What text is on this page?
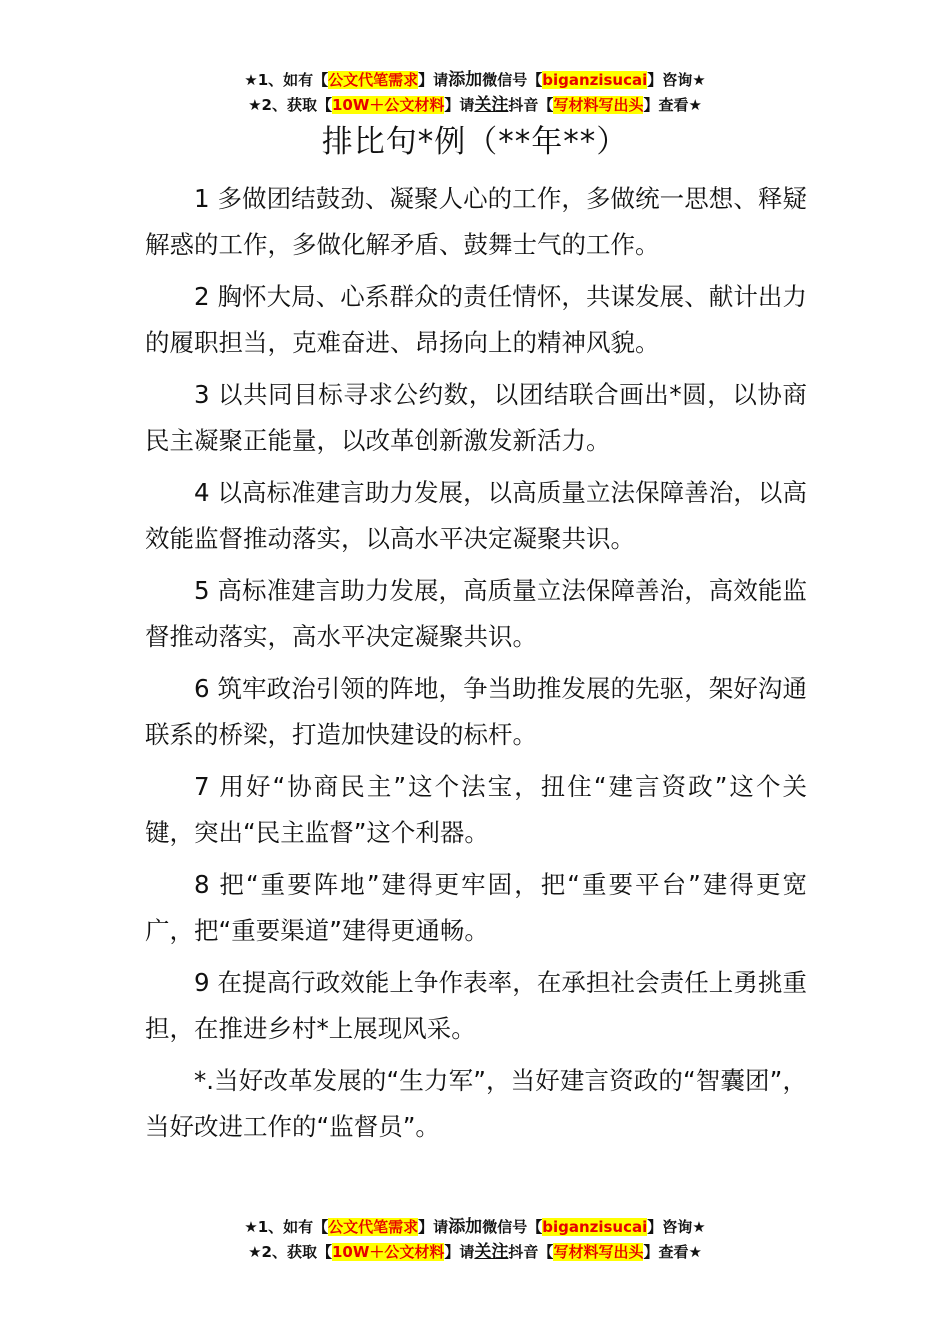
★1、如有【公文代笔需求】请添加微信号【biganzisucai】咨询★
★2、获取【10W＋公文材料】请关注抖音【写材料写出头】查看★
排比句*例（**年**）

1 多做团结鼓劲、凝聚人心的工作，多做统一思想、释疑解惑的工作，多做化解矛盾、鼓舞士气的工作。

2 胸怀大局、心系群众的责任情怀，共谋发展、献计出力的履职担当，克难奋进、昂扬向上的精神风貌。

3 以共同目标寻求公约数，以团结联合画出*圆，以协商民主凝聚正能量，以改革创新激发新活力。

4 以高标准建言助力发展，以高质量立法保障善治，以高效能监督推动落实，以高水平决定凝聚共识。

5 高标准建言助力发展，高质量立法保障善治，高效能监督推动落实，高水平决定凝聚共识。

6 筑牢政治引领的阵地，争当助推发展的先驱，架好沟通联系的桥梁，打造加快建设的标杆。

7 用好“协商民主”这个法宝，扭住“建言资政”这个关键，突出“民主监督”这个利器。

8 把“重要阵地”建得更牢固，把“重要平台”建得更宽广，把“重要渠道”建得更通畅。

9 在提高行政效能上争作表率，在承担社会责任上勇挑重担，在推进乡村*上展现风采。

*.当好改革发展的“生力军”，当好建言资政的“智囊团”，当好改进工作的“监督员”。

★1、如有【公文代笔需求】请添加微信号【biganzisucai】咨询★
★2、获取【10W＋公文材料】请关注抖音【写材料写出头】查看★
